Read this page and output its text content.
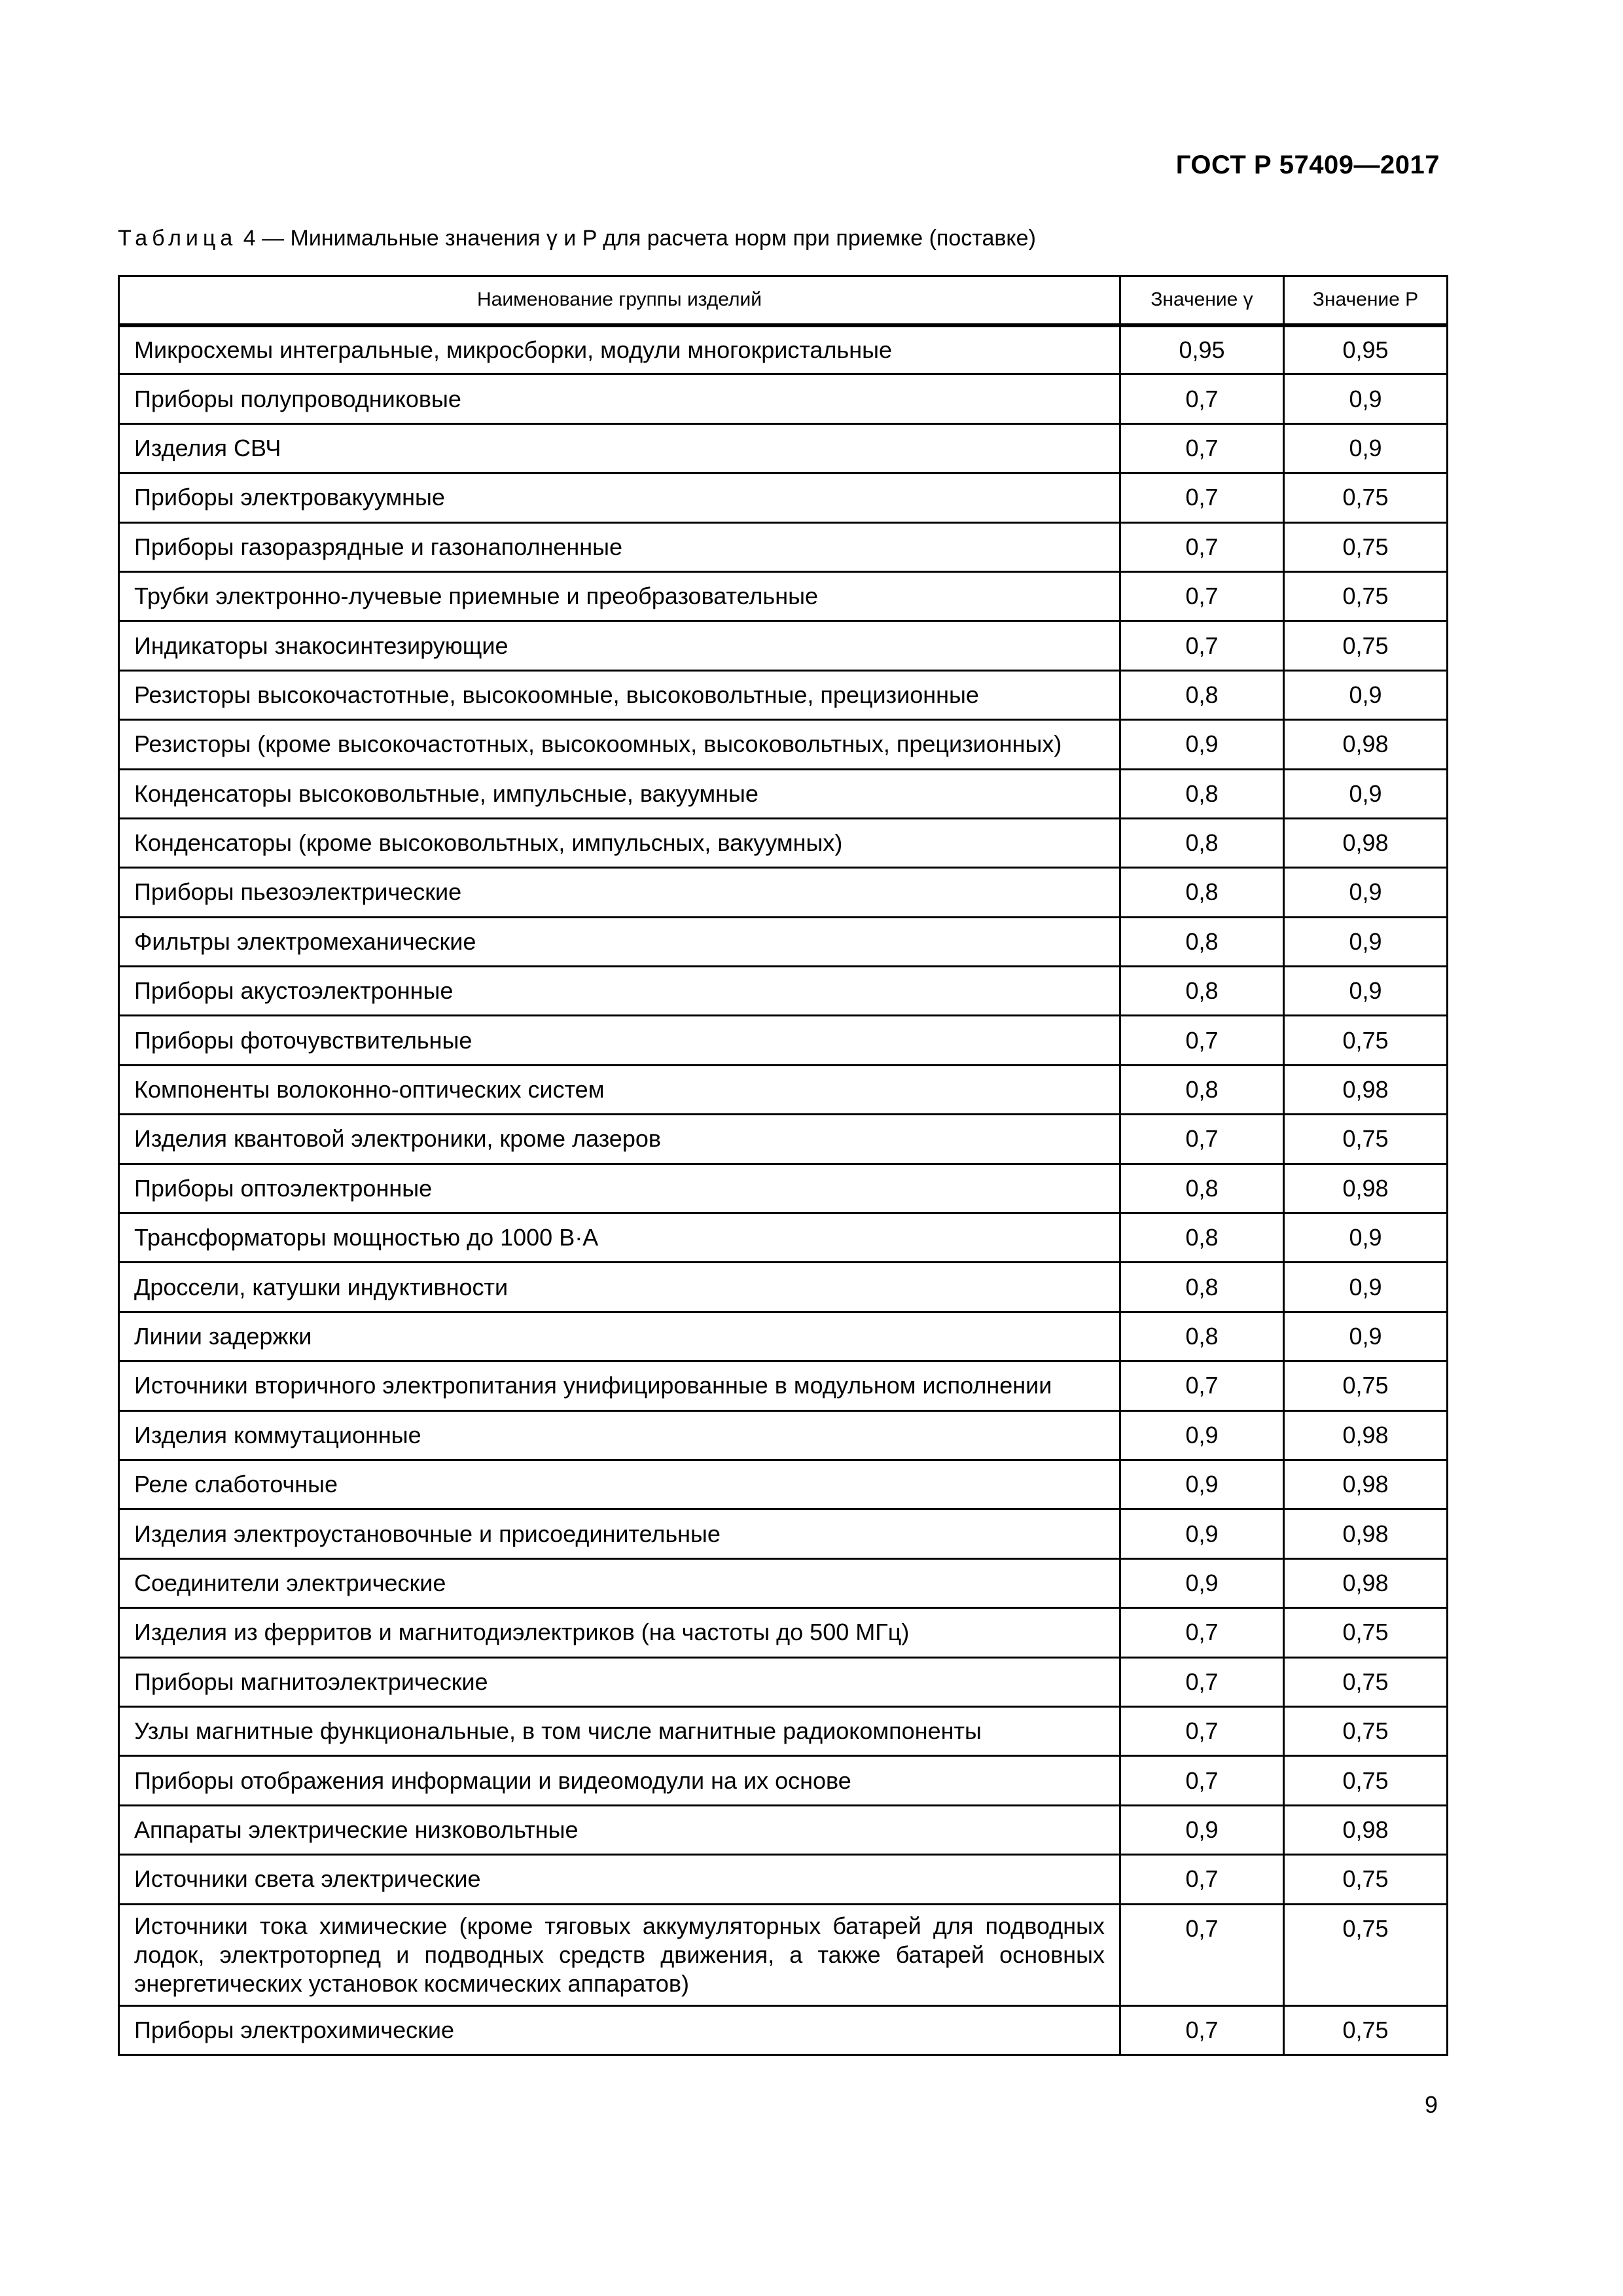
ГОСТ Р 57409—2017
Таблица 4 — Минимальные значения γ и P для расчета норм при приемке (поставке)
Наименование группы изделий	Значение γ	Значение P
Микросхемы интегральные, микросборки, модули многокристальные	0,95	0,95
Приборы полупроводниковые	0,7	0,9
Изделия СВЧ	0,7	0,9
Приборы электровакуумные	0,7	0,75
Приборы газоразрядные и газонаполненные	0,7	0,75
Трубки электронно-лучевые приемные и преобразовательные	0,7	0,75
Индикаторы знакосинтезирующие	0,7	0,75
Резисторы высокочастотные, высокоомные, высоковольтные, прецизионные	0,8	0,9
Резисторы (кроме высокочастотных, высокоомных, высоковольтных, прецизионных)	0,9	0,98
Конденсаторы высоковольтные, импульсные, вакуумные	0,8	0,9
Конденсаторы (кроме высоковольтных, импульсных, вакуумных)	0,8	0,98
Приборы пьезоэлектрические	0,8	0,9
Фильтры электромеханические	0,8	0,9
Приборы акустоэлектронные	0,8	0,9
Приборы фоточувствительные	0,7	0,75
Компоненты волоконно-оптических систем	0,8	0,98
Изделия квантовой электроники, кроме лазеров	0,7	0,75
Приборы оптоэлектронные	0,8	0,98
Трансформаторы мощностью до 1000 В·А	0,8	0,9
Дроссели, катушки индуктивности	0,8	0,9
Линии задержки	0,8	0,9
Источники вторичного электропитания унифицированные в модульном исполнении	0,7	0,75
Изделия коммутационные	0,9	0,98
Реле слаботочные	0,9	0,98
Изделия электроустановочные и присоединительные	0,9	0,98
Соединители электрические	0,9	0,98
Изделия из ферритов и магнитодиэлектриков (на частоты до 500 МГц)	0,7	0,75
Приборы магнитоэлектрические	0,7	0,75
Узлы магнитные функциональные, в том числе магнитные радиокомпоненты	0,7	0,75
Приборы отображения информации и видеомодули на их основе	0,7	0,75
Аппараты электрические низковольтные	0,9	0,98
Источники света электрические	0,7	0,75
Источники тока химические (кроме тяговых аккумуляторных батарей для подводных лодок, электроторпед и подводных средств движения, а также батарей основных энергетических установок космических аппаратов)	0,7	0,75
Приборы электрохимические	0,7	0,75
9
